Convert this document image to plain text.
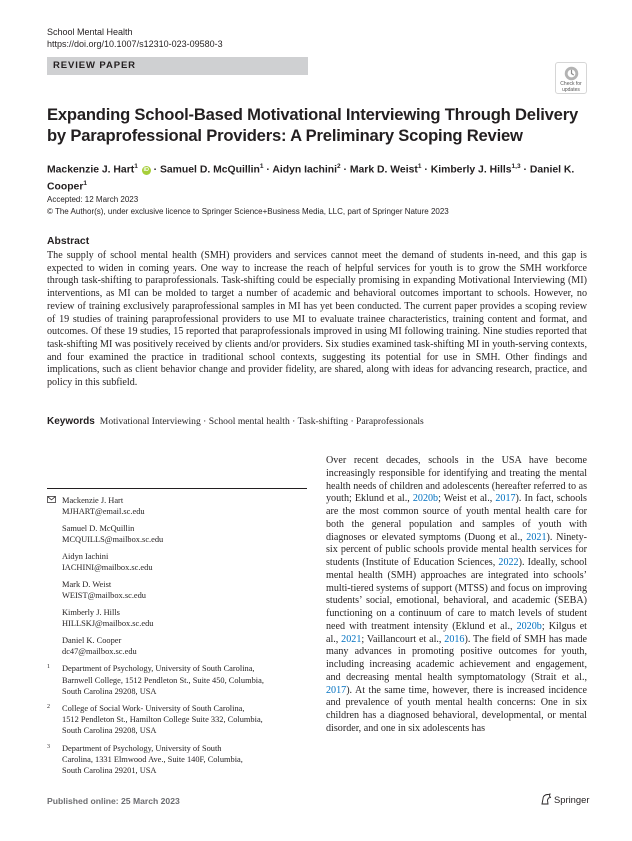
School Mental Health
https://doi.org/10.1007/s12310-023-09580-3
REVIEW PAPER
Check for
updates
Expanding School-Based Motivational Interviewing Through Delivery
by Paraprofessional Providers: A Preliminary Scoping Review
Mackenzie J. Hart$^1$ iD · Samuel D. McQuillin$^1$ · Aidyn Iachini$^2$ · Mark D. Weist$^1$ · Kimberly J. Hills$^{1,3}$ · Daniel K. Cooper$^1$
Accepted: 12 March 2023
© The Author(s), under exclusive licence to Springer Science+Business Media, LLC, part of Springer Nature 2023
Abstract

The supply of school mental health (SMH) providers and services cannot meet the demand of students in-need, and this gap is expected to widen in coming years. One way to increase the reach of helpful services for youth is to grow the SMH workforce through task-shifting to paraprofessionals. Task-shifting could be especially promising in expanding Motivational Interviewing (MI) interventions, as MI can be molded to target a number of academic and behavioral outcomes important to schools. However, no review of training exclusively paraprofessional samples in MI has yet been conducted. The current paper provides a scoping review of 19 studies of training paraprofessional providers to use MI to evaluate trainee characteristics, training content and format, and outcomes. Of these 19 studies, 15 reported that paraprofessionals improved in using MI following training. Nine studies reported that task-shifting MI was positively received by clients and/or providers. Six studies examined task-shifting MI in youth-serving contexts, and four examined the practice in traditional school contexts, suggesting its potential for use in SMH. Other findings and implications, such as client behavior change and provider fidelity, are shared, along with ideas for advancing research, practice, and policy in this subfield.

Keywords Motivational Interviewing · School mental health · Task-shifting · Paraprofessionals
Mackenzie J. Hart
MJHART@email.sc.edu
Samuel D. McQuillin
MCQUILLS@mailbox.sc.edu
Aidyn Iachini
IACHINI@mailbox.sc.edu
Mark D. Weist
WEIST@mailbox.sc.edu
Kimberly J. Hills
HILLSKJ@mailbox.sc.edu
Daniel K. Cooper
dc47@mailbox.sc.edu
1 Department of Psychology, University of South Carolina,
Barnwell College, 1512 Pendleton St., Suite 450, Columbia,
South Carolina 29208, USA
2 College of Social Work- University of South Carolina,
1512 Pendleton St., Hamilton College Suite 332, Columbia,
South Carolina 29208, USA
3 Department of Psychology, University of South
Carolina, 1331 Elmwood Ave., Suite 140F, Columbia,
South Carolina 29201, USA

Over recent decades, schools in the USA have become increasingly responsible for identifying and treating the mental health needs of children and adolescents (hereafter referred to as youth; Eklund et al., 2020b; Weist et al., 2017). In fact, schools are the most common source of youth mental health care for both the general population and samples of youth with diagnoses or elevated symptoms (Duong et al., 2021). Ninety-six percent of public schools provide mental health services for students (Institute of Education Sciences, 2022). Ideally, school mental health (SMH) approaches are integrated into schools’ multi-tiered systems of support (MTSS) and focus on improving students’ social, emotional, behavioral, and academic (SEBA) functioning on a continuum of care to match levels of student need with treatment intensity (Eklund et al., 2020b; Kilgus et al., 2021; Vaillancourt et al., 2016). The field of SMH has made many advances in promoting positive outcomes for youth, including increasing academic achievement and engagement, and decreasing mental health symptomatology (Strait et al., 2017). At the same time, however, there is increased incidence and prevalence of youth mental health concerns: One in six children has a diagnosed behavioral, developmental, or mental disorder, and one in six adolescents has

Published online: 25 March 2023	Springer
